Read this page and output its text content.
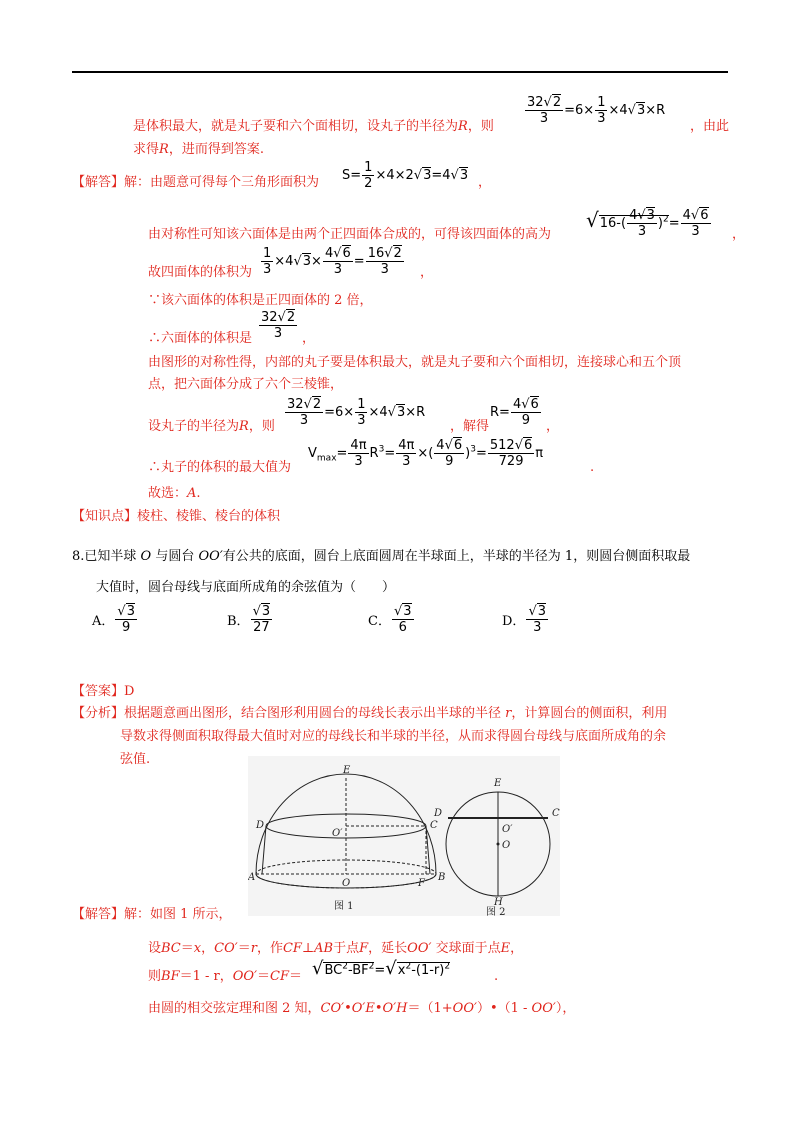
是体积最大，就是丸子要和六个面相切，设丸子的半径为R，则
$\frac{32√ 2}{3} =6\times \frac{1}{3} \times 4√$ 3×R
，由此
求得R，进而得到答案.
【解答】解：由题意可得每个三角形面积为 $S= \frac{1}{2} \times 4\times 2√$ 3=4√ 3 ，
由对称性可知该六面体是由两个正四面体合成的，可得该四面体的高为
$√16-( \frac{4√ 3}{3} )^2= \frac{4√ 6}{3}$ ，
故四面体的体积为 $\frac{1}{3} \times 4√$ $3\times \frac{4√ 6}{3} = \frac{16√ 2}{3}$ ，
∵该六面体的体积是正四面体的 2 倍，
∴六面体的体积是 $\frac{32√ 2}{3}$ ，
由图形的对称性得，内部的丸子要是体积最大，就是丸子要和六个面相切，连接球心和五个顶
点，把六面体分成了六个三棱锥，
设丸子的半径为R，则 $\frac{32√ 2}{3} =6\times \frac{1}{3} \times 4√$ 3×R
，解得
$R= \frac{4√ 6}{9}$ ，
∴丸子的体积的最大值为
$V_{max}= \frac{4\pi}{3} R^3= \frac{4\pi}{3}$ ×( $\frac{4√ 6}{9} )^3= \frac{512√ 6}{729}$ π
.
故选：A.
【知识点】棱柱、棱锥、棱台的体积
8.已知半球 O 与圆台 OO′有公共的底面，圆台上底面圆周在半球面上，半球的半径为 1，则圆台侧面积取最
大值时，圆台母线与底面所成角的余弦值为（　　）
A．
√ $\frac{3}{9}$	B．
√ $\frac{3}{27}$	C．
√ $\frac{3}{6}$	D．
√ $\frac{3}{3}$
【答案】D
【分析】根据题意画出图形，结合图形利用圆台的母线长表示出半球的半径 r，计算圆台的侧面积，利用
导数求得侧面积取得最大值时对应的母线长和半球的半径，从而求得圆台母线与底面所成角的余
弦值.
E
D	C
O′
A
O	F
B
图 1
E
D	C
O′
O
H
图 2
【解答】解：如图 1 所示，
设BC＝x，CO′＝r，作CF⊥AB于点F，延长OO′ 交球面于点E，
则BF＝1 - r，$OO'=CF= √BC^2-BF^2=√x^2-(1-r)^2$
.
由圆的相交弦定理和图 2 知，CO′•O′E•O′H＝（1+OO′）•（1 - OO′），
